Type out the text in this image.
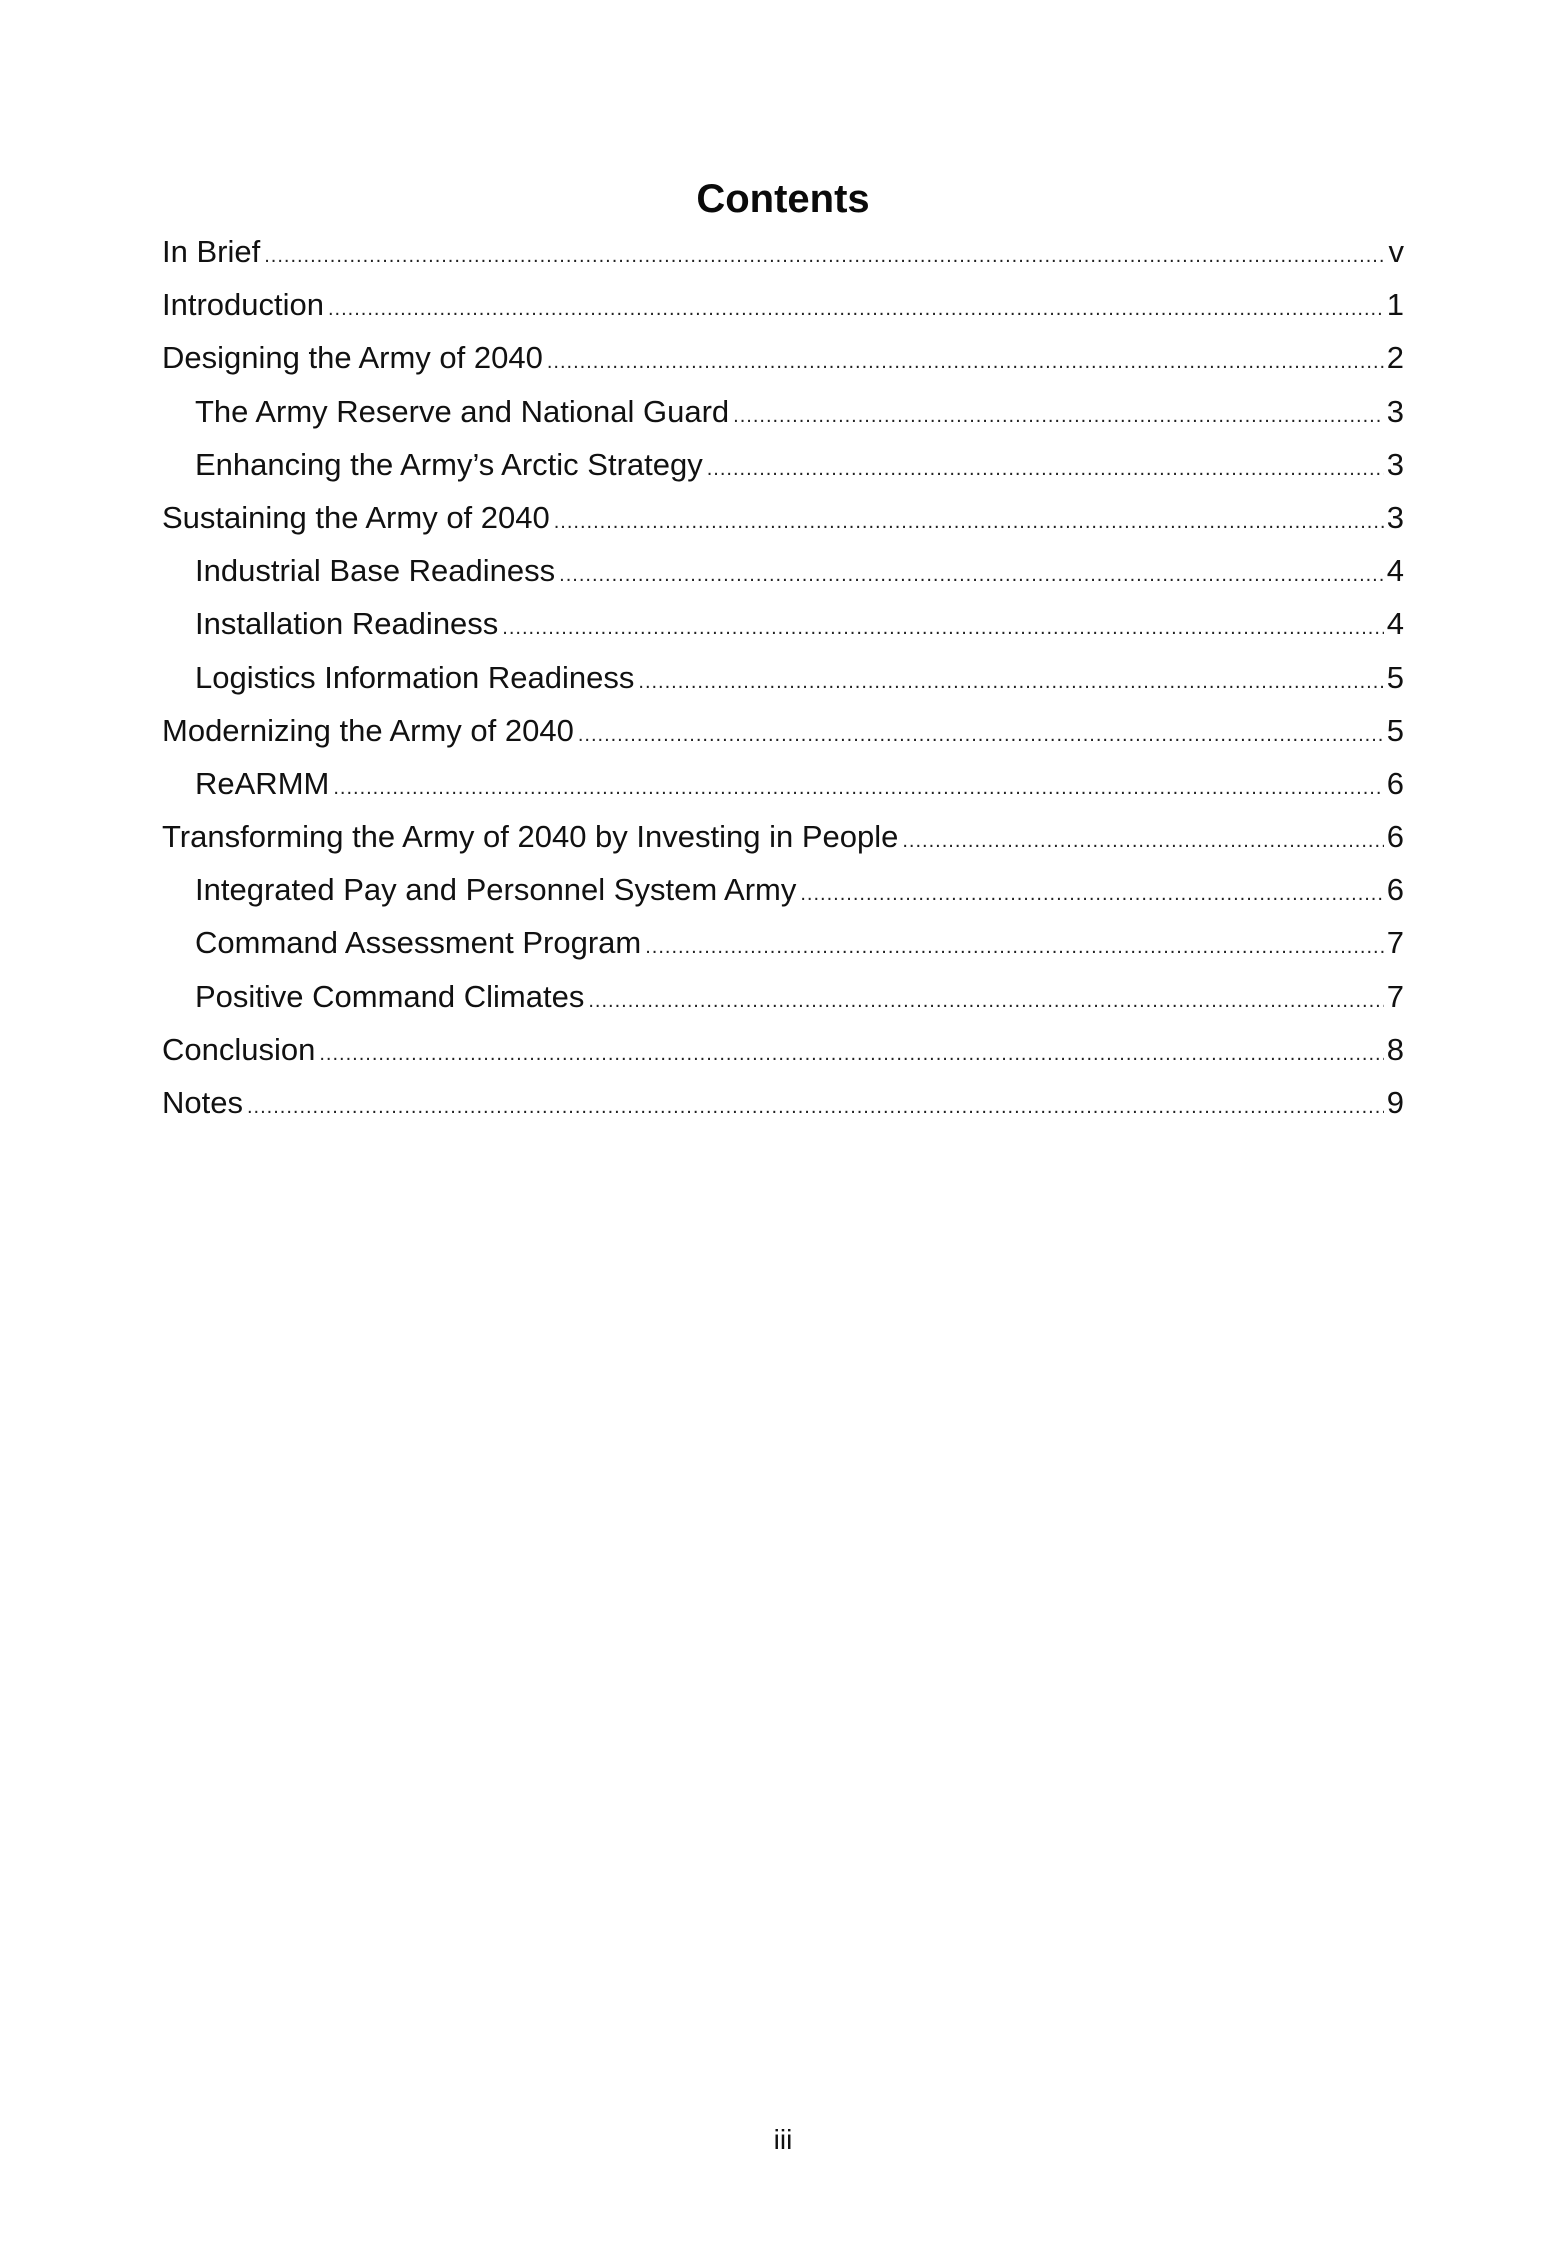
Contents
In Brief .....	v
Introduction .....	1
Designing the Army of 2040 .....	2
The Army Reserve and National Guard .....	3
Enhancing the Army’s Arctic Strategy .....	3
Sustaining the Army of 2040 .....	3
Industrial Base Readiness .....	4
Installation Readiness .....	4
Logistics Information Readiness .....	5
Modernizing the Army of 2040 .....	5
ReARMM .....	6
Transforming the Army of 2040 by Investing in People .....	6
Integrated Pay and Personnel System Army .....	6
Command Assessment Program .....	7
Positive Command Climates .....	7
Conclusion .....	8
Notes .....	9
iii
